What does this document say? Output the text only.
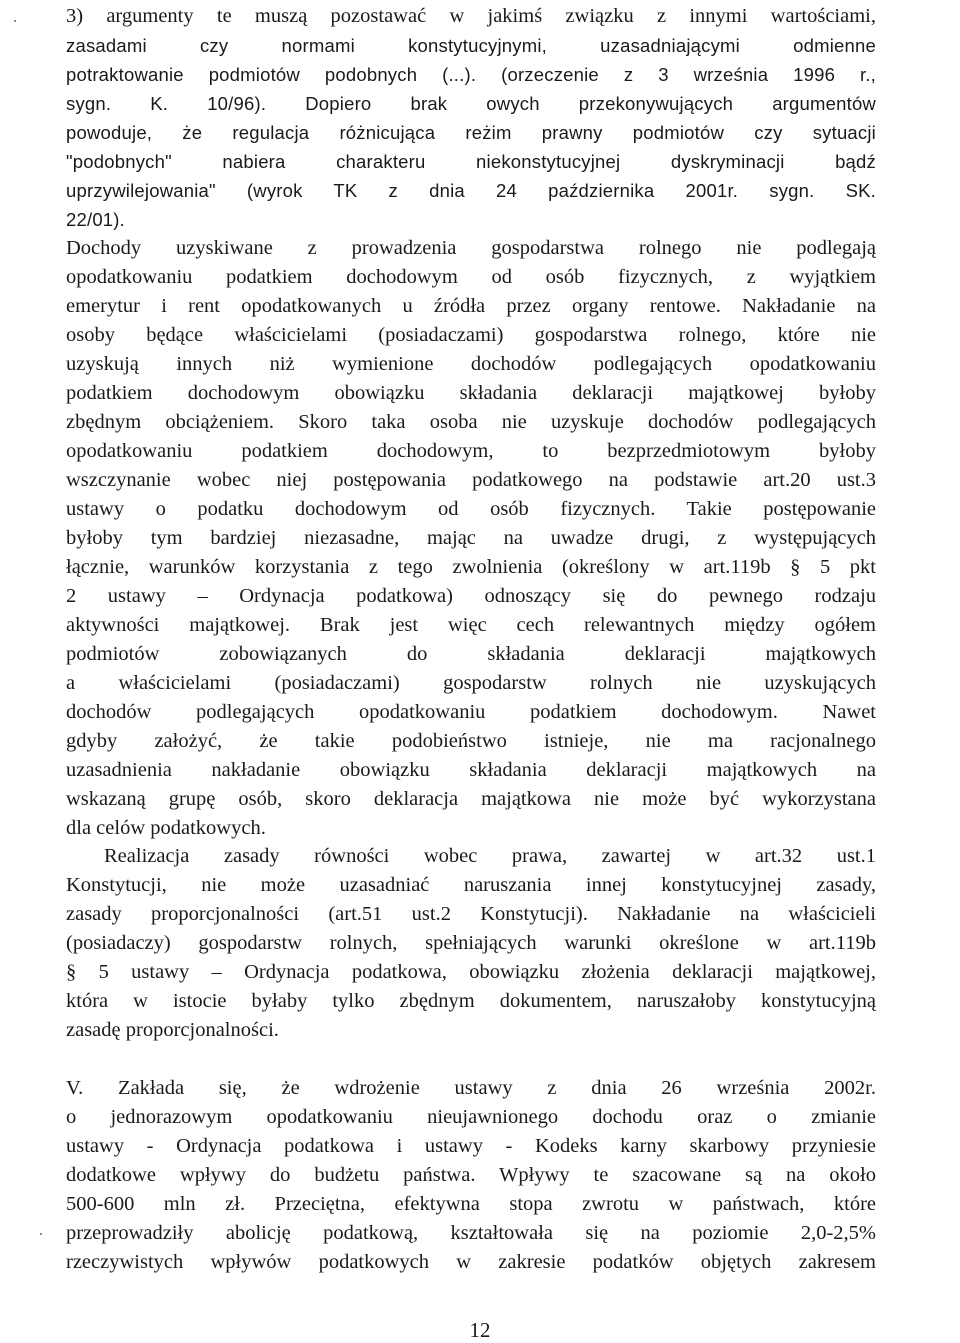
3) argumenty te muszą pozostawać w jakimś związku z innymi wartościami,
zasadami czy normami konstytucyjnymi, uzasadniającymi odmienne
potraktowanie podmiotów podobnych (...). (orzeczenie z 3 września 1996 r.,
sygn. K. 10/96). Dopiero brak owych przekonywujących argumentów
powoduje, że regulacja różnicująca reżim prawny podmiotów czy sytuacji
"podobnych" nabiera charakteru niekonstytucyjnej dyskryminacji bądź
uprzywilejowania" (wyrok TK z dnia 24 października 2001r. sygn. SK.
22/01).
Dochody uzyskiwane z prowadzenia gospodarstwa rolnego nie podlegają
opodatkowaniu podatkiem dochodowym od osób fizycznych, z wyjątkiem
emerytur i rent opodatkowanych u źródła przez organy rentowe. Nakładanie na
osoby będące właścicielami (posiadaczami) gospodarstwa rolnego, które nie
uzyskują innych niż wymienione dochodów podlegających opodatkowaniu
podatkiem dochodowym obowiązku składania deklaracji majątkowej byłoby
zbędnym obciążeniem. Skoro taka osoba nie uzyskuje dochodów podlegających
opodatkowaniu podatkiem dochodowym, to bezprzedmiotowym byłoby
wszczynanie wobec niej postępowania podatkowego na podstawie art.20 ust.3
ustawy o podatku dochodowym od osób fizycznych. Takie postępowanie
byłoby tym bardziej niezasadne, mając na uwadze drugi, z występujących
łącznie, warunków korzystania z tego zwolnienia (określony w art.119b § 5 pkt
2 ustawy – Ordynacja podatkowa) odnoszący się do pewnego rodzaju
aktywności majątkowej. Brak jest więc cech relewantnych między ogółem
podmiotów zobowiązanych do składania deklaracji majątkowych
a właścicielami (posiadaczami) gospodarstw rolnych nie uzyskujących
dochodów podlegających opodatkowaniu podatkiem dochodowym. Nawet
gdyby założyć, że takie podobieństwo istnieje, nie ma racjonalnego
uzasadnienia nakładanie obowiązku składania deklaracji majątkowych na
wskazaną grupę osób, skoro deklaracja majątkowa nie może być wykorzystana
dla celów podatkowych.
Realizacja zasady równości wobec prawa, zawartej w art.32 ust.1
Konstytucji, nie może uzasadniać naruszania innej konstytucyjnej zasady,
zasady proporcjonalności (art.51 ust.2 Konstytucji). Nakładanie na właścicieli
(posiadaczy) gospodarstw rolnych, spełniających warunki określone w art.119b
§ 5 ustawy – Ordynacja podatkowa, obowiązku złożenia deklaracji majątkowej,
która w istocie byłaby tylko zbędnym dokumentem, naruszałoby konstytucyjną
zasadę proporcjonalności.
V. Zakłada się, że wdrożenie ustawy z dnia 26 września 2002r.
o jednorazowym opodatkowaniu nieujawnionego dochodu oraz o zmianie
ustawy - Ordynacja podatkowa i ustawy - Kodeks karny skarbowy przyniesie
dodatkowe wpływy do budżetu państwa. Wpływy te szacowane są na około
500-600 mln zł. Przeciętna, efektywna stopa zwrotu w państwach, które
przeprowadziły abolicję podatkową, kształtowała się na poziomie 2,0-2,5%
rzeczywistych wpływów podatkowych w zakresie podatków objętych zakresem
12
